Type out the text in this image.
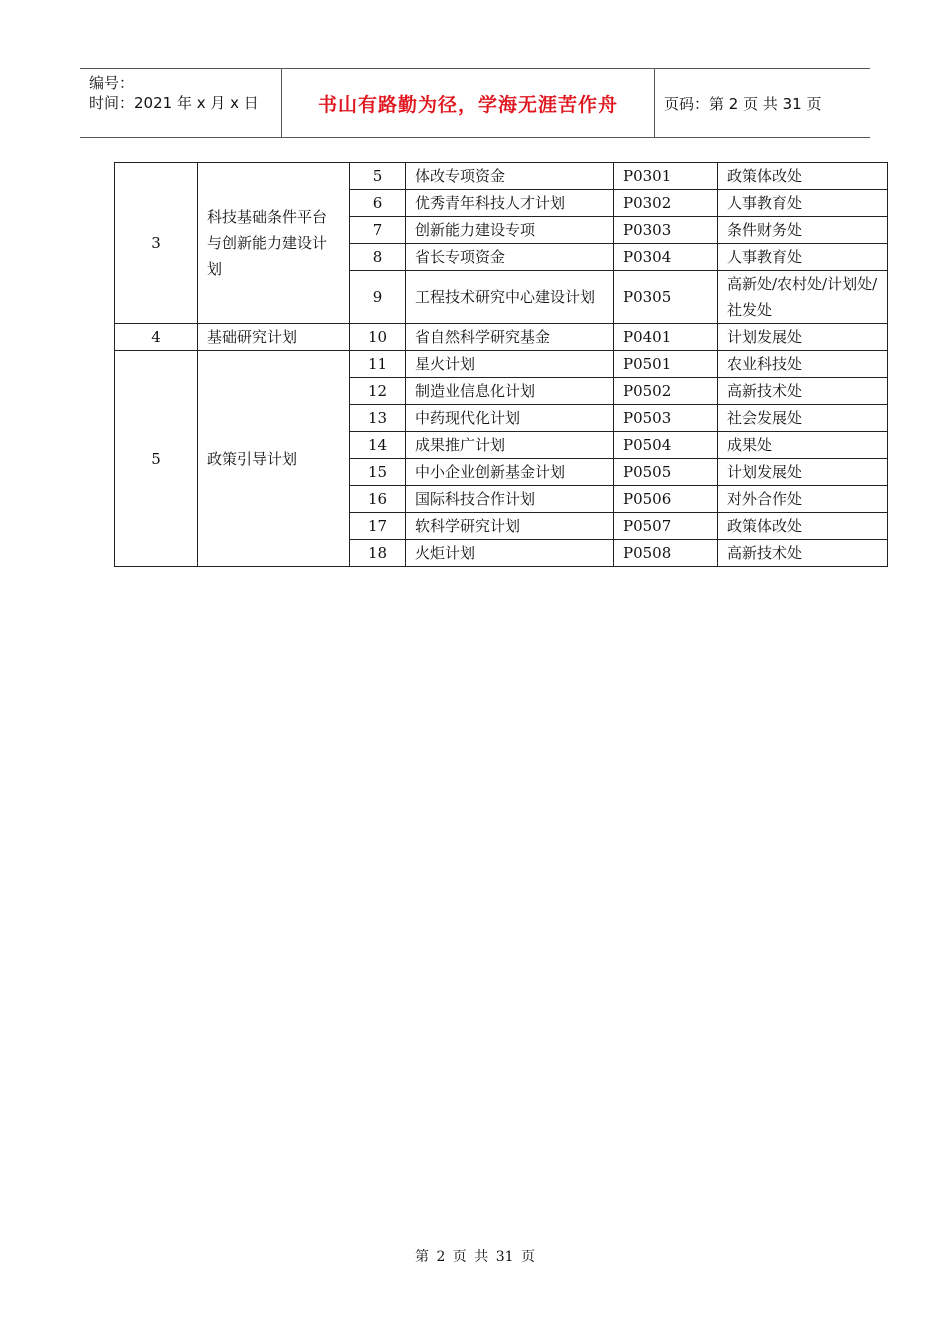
编号：
时间：2021 年 x 月 x 日	书山有路勤为径，学海无涯苦作舟	页码：第 2 页 共 31 页
3	科技基础条件平台与创新能力建设计划	5	体改专项资金	P0301	政策体改处
		6	优秀青年科技人才计划	P0302	人事教育处
		7	创新能力建设专项	P0303	条件财务处
		8	省长专项资金	P0304	人事教育处
		9	工程技术研究中心建设计划	P0305	高新处/农村处/计划处/社发处
4	基础研究计划	10	省自然科学研究基金	P0401	计划发展处
5	政策引导计划	11	星火计划	P0501	农业科技处
		12	制造业信息化计划	P0502	高新技术处
		13	中药现代化计划	P0503	社会发展处
		14	成果推广计划	P0504	成果处
		15	中小企业创新基金计划	P0505	计划发展处
		16	国际科技合作计划	P0506	对外合作处
		17	软科学研究计划	P0507	政策体改处
		18	火炬计划	P0508	高新技术处
第 2 页 共 31 页
